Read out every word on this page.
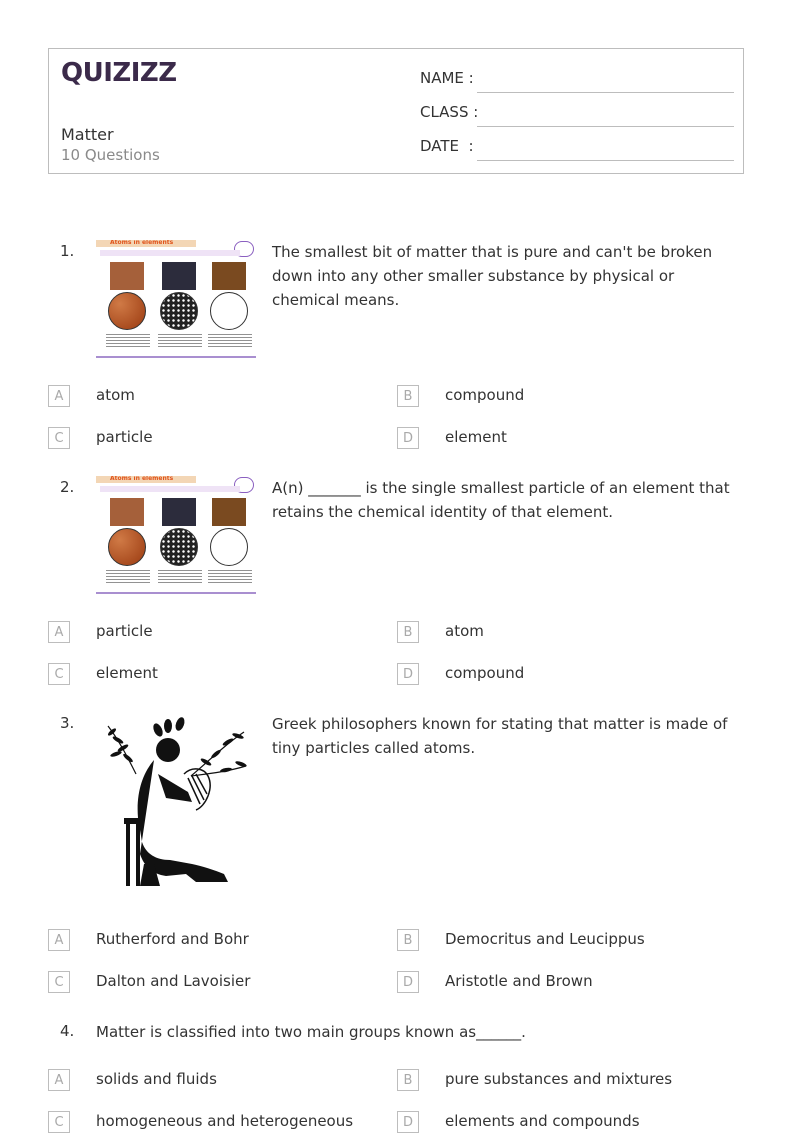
QUIZIZZ
Matter
10 Questions
NAME :
CLASS :
DATE  :
1.	Atoms in elements
The smallest bit of matter that is pure and can't be broken down into any other smaller substance by physical or chemical means.
A	atom	B	compound
C	particle	D	element
2.	Atoms in elements
A(n) _______ is the single smallest particle of an element that retains the chemical identity of that element.
A	particle	B	atom
C	element	D	compound
3.	Greek philosophers known for stating that matter is made of tiny particles called atoms.
A	Rutherford and Bohr	B	Democritus and Leucippus
C	Dalton and Lavoisier	D	Aristotle and Brown
4. Matter is classified into two main groups known as______.
A	solids and fluids	B	pure substances and mixtures
C	homogeneous and heterogeneous	D	elements and compounds
